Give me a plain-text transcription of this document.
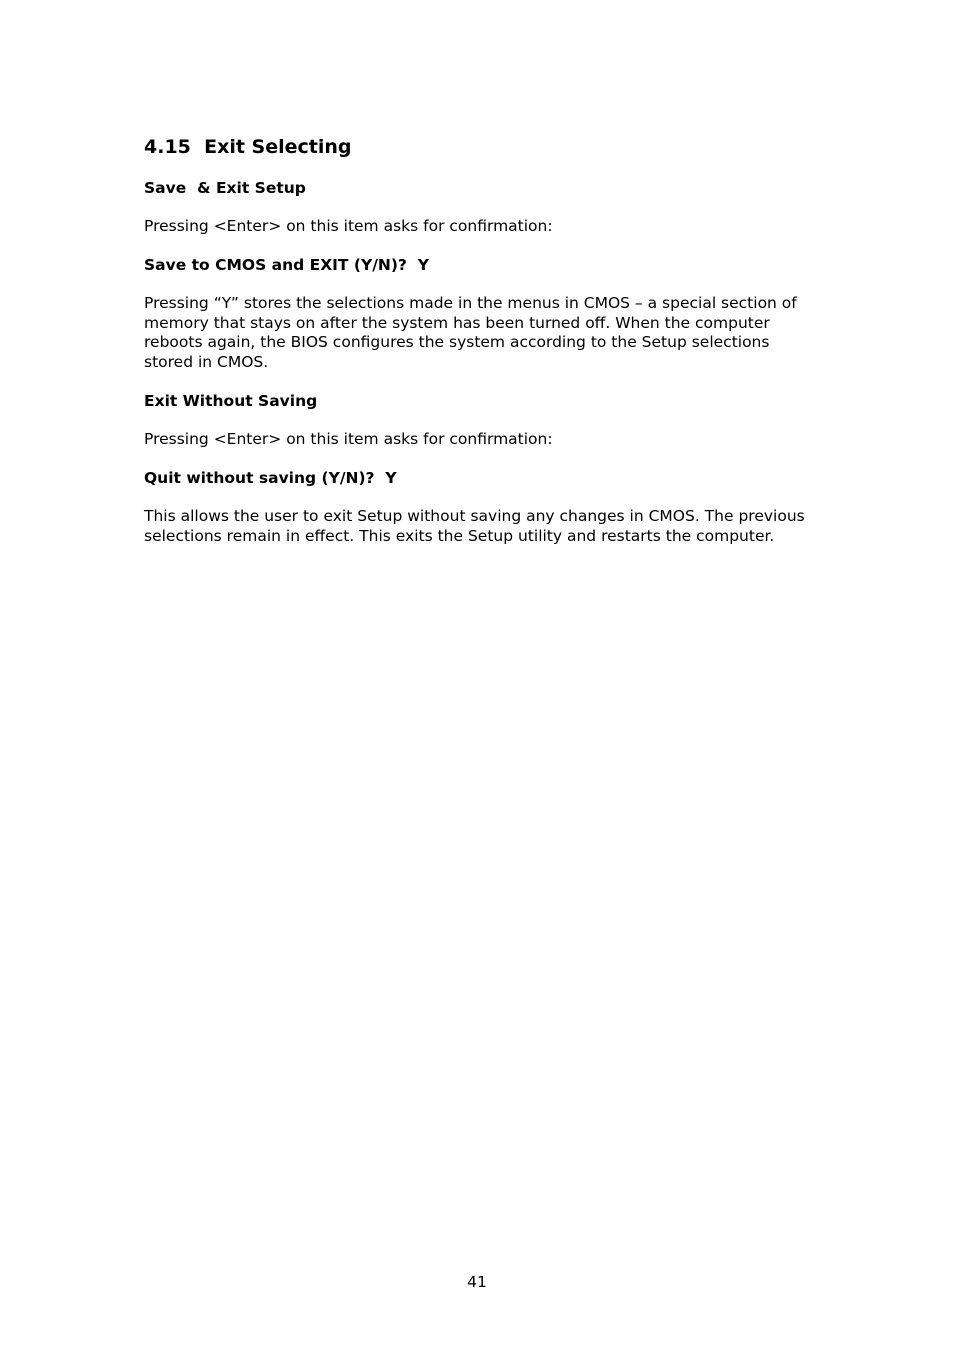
4.15  Exit Selecting
Save  & Exit Setup

Pressing <Enter> on this item asks for confirmation:

Save to CMOS and EXIT (Y/N)?  Y

Pressing “Y” stores the selections made in the menus in CMOS – a special section of memory that stays on after the system has been turned off. When the computer reboots again, the BIOS configures the system according to the Setup selections stored in CMOS.

Exit Without Saving

Pressing <Enter> on this item asks for confirmation:

Quit without saving (Y/N)?  Y

This allows the user to exit Setup without saving any changes in CMOS. The previous selections remain in effect. This exits the Setup utility and restarts the computer.

41
